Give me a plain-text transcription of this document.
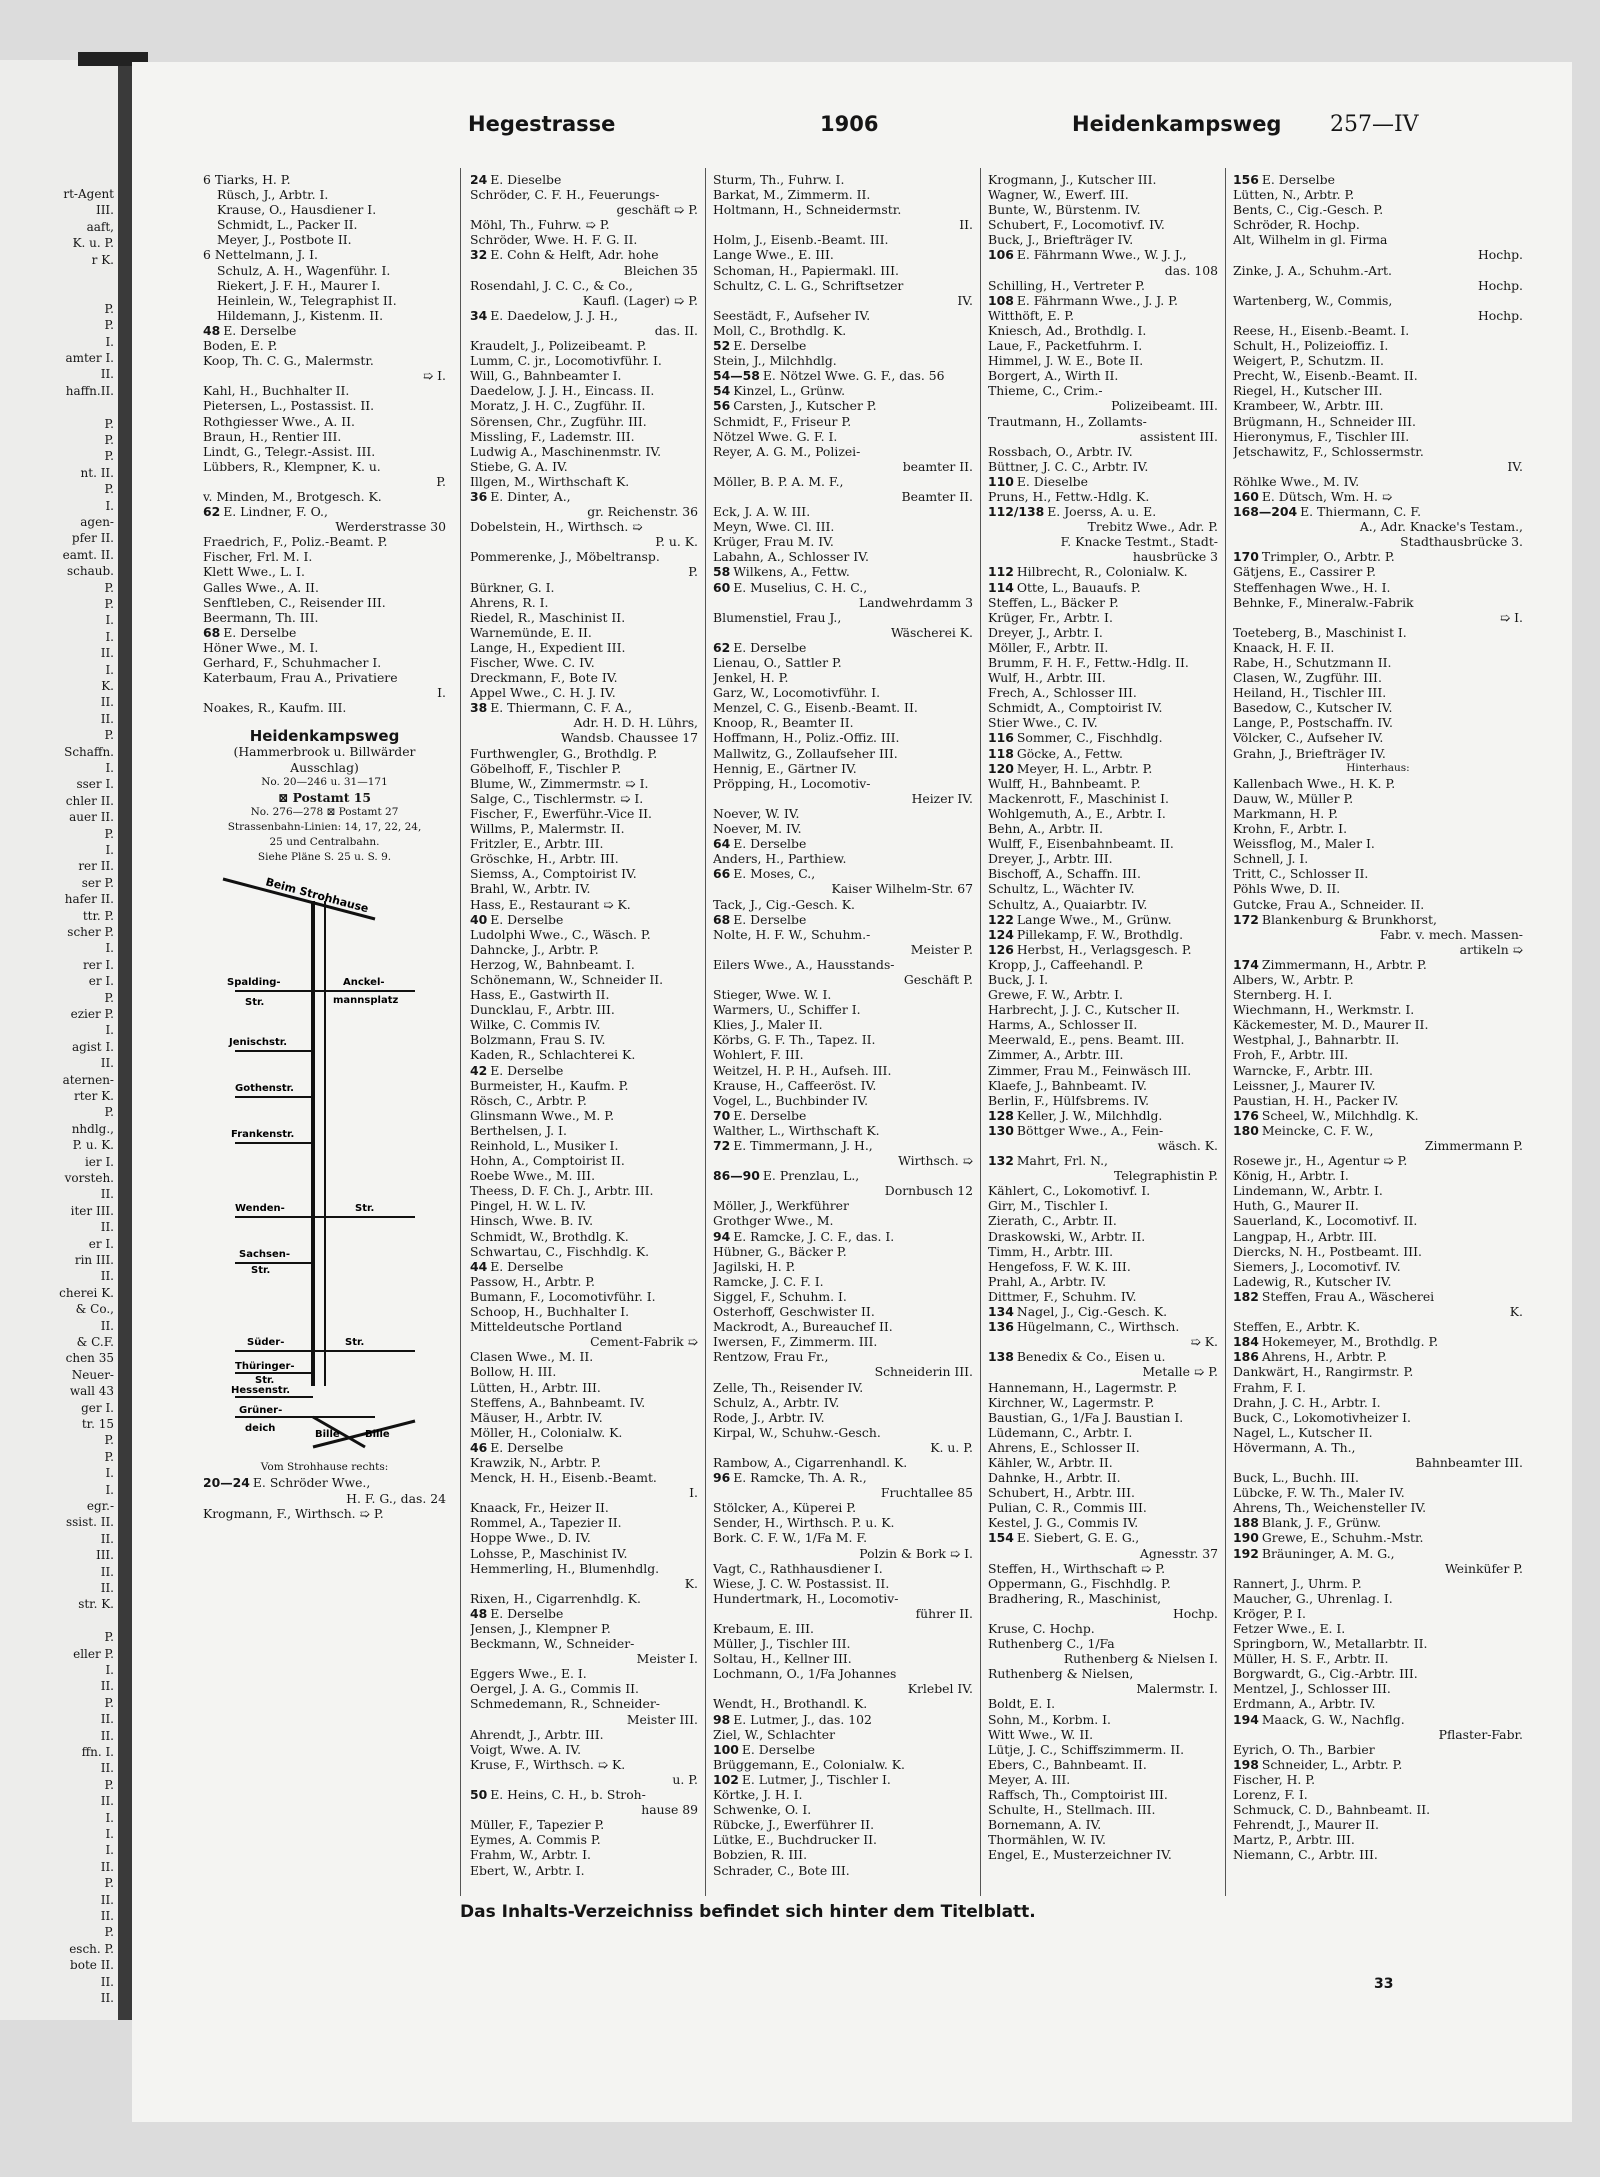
Hegestrasse	1906	Heidenkampsweg 257—IV
rt-Agent
III.
aaft,
K. u. P.
r K.
P.
P.
I.
amter I.
II.
haffn.II.
P.
P.
P.
nt. II.
P.
I.
agen-
pfer II.
eamt. II.
schaub.
P.
P.
I.
I.
II.
I.
K.
II.
II.
P.
Schaffn.
I.
sser I.
chler II.
auer II.
P.
I.
rer II.
ser P.
hafer II.
ttr. P.
scher P.
I.
rer I.
er I.
P.
ezier P.
I.
agist I.
II.
aternen-
rter K.
P.
nhdlg.,
P. u. K.
ier I.
vorsteh.
II.
iter III.
II.
er I.
rin III.
II.
cherei K.
& Co.,
II.
& C.F.
chen 35
Neuer-
wall 43
ger I.
tr. 15
P.
P.
I.
I.
egr.-
ssist. II.
II.
III.
II.
II.
str. K.
P.
eller P.
I.
II.
P.
II.
II.
ffn. I.
II.
P.
II.
I.
I.
I.
II.
P.
II.
II.
P.
esch. P.
bote II.
II.
II.
6 Tiarks, H. P.
Rüsch, J., Arbtr. I.
Krause, O., Hausdiener I.
Schmidt, L., Packer II.
Meyer, J., Postbote II.
6 Nettelmann, J. I.
Schulz, A. H., Wagenführ. I.
Riekert, J. F. H., Maurer I.
Heinlein, W., Telegraphist II.
Hildemann, J., Kistenm. II.
48 E. Derselbe
Boden, E. P.
Koop, Th. C. G., Malermstr.
➯ I.
Kahl, H., Buchhalter II.
Pietersen, L., Postassist. II.
Rothgiesser Wwe., A. II.
Braun, H., Rentier III.
Lindt, G., Telegr.-Assist. III.
Lübbers, R., Klempner, K. u.
P.
v. Minden, M., Brotgesch. K.
62 E. Lindner, F. O.,
Werderstrasse 30
Fraedrich, F., Poliz.-Beamt. P.
Fischer, Frl. M. I.
Klett Wwe., L. I.
Galles Wwe., A. II.
Senftleben, C., Reisender III.
Beermann, Th. III.
68 E. Derselbe
Höner Wwe., M. I.
Gerhard, F., Schuhmacher I.
Katerbaum, Frau A., Privatiere
I.
Noakes, R., Kaufm. III.
Heidenkampsweg
(Hammerbrook u. Billwärder
Ausschlag)
No. 20—246 u. 31—171
⊠ Postamt 15
No. 276—278 ⊠ Postamt 27
Strassenbahn-Linien: 14, 17, 22, 24,
25 und Centralbahn.
Siehe Pläne S. 25 u. S. 9.
Beim Strohhause
Spalding-
Str.
Anckel-
mannsplatz
Jenischstr.
Gothenstr.
Frankenstr.
Wenden-	Str.
Sachsen-
Str.
Süder-	Str.
Thüringer-
Str.
Hessenstr.
Grüner-
deich
Bille	Bille
Vom Strohhause rechts:
20—24 E. Schröder Wwe.,
H. F. G., das. 24
Krogmann, F., Wirthsch. ➯ P.
24 E. Dieselbe
Schröder, C. F. H., Feuerungs-
geschäft ➯ P.
Möhl, Th., Fuhrw. ➯ P.
Schröder, Wwe. H. F. G. II.
32 E. Cohn & Helft, Adr. hohe
Bleichen 35
Rosendahl, J. C. C., & Co.,
Kaufl. (Lager) ➯ P.
34 E. Daedelow, J. J. H.,
das. II.
Kraudelt, J., Polizeibeamt. P.
Lumm, C. jr., Locomotivführ. I.
Will, G., Bahnbeamter I.
Daedelow, J. J. H., Eincass. II.
Moratz, J. H. C., Zugführ. II.
Sörensen, Chr., Zugführ. III.
Missling, F., Lademstr. III.
Ludwig A., Maschinenmstr. IV.
Stiebe, G. A. IV.
Illgen, M., Wirthschaft K.
36 E. Dinter, A.,
gr. Reichenstr. 36
Dobelstein, H., Wirthsch. ➯
P. u. K.
Pommerenke, J., Möbeltransp.
P.
Bürkner, G. I.
Ahrens, R. I.
Riedel, R., Maschinist II.
Warnemünde, E. II.
Lange, H., Expedient III.
Fischer, Wwe. C. IV.
Dreckmann, F., Bote IV.
Appel Wwe., C. H. J. IV.
38 E. Thiermann, C. F. A.,
Adr. H. D. H. Lührs,
Wandsb. Chaussee 17
Furthwengler, G., Brothdlg. P.
Göbelhoff, F., Tischler P.
Blume, W., Zimmermstr. ➯ I.
Salge, C., Tischlermstr. ➯ I.
Fischer, F., Ewerführ.-Vice II.
Willms, P., Malermstr. II.
Fritzler, E., Arbtr. III.
Gröschke, H., Arbtr. III.
Siemss, A., Comptoirist IV.
Brahl, W., Arbtr. IV.
Hass, E., Restaurant ➯ K.
40 E. Derselbe
Ludolphi Wwe., C., Wäsch. P.
Dahncke, J., Arbtr. P.
Herzog, W., Bahnbeamt. I.
Schönemann, W., Schneider II.
Hass, E., Gastwirth II.
Duncklau, F., Arbtr. III.
Wilke, C. Commis IV.
Bolzmann, Frau S. IV.
Kaden, R., Schlachterei K.
42 E. Derselbe
Burmeister, H., Kaufm. P.
Rösch, C., Arbtr. P.
Glinsmann Wwe., M. P.
Berthelsen, J. I.
Reinhold, L., Musiker I.
Hohn, A., Comptoirist II.
Roebe Wwe., M. III.
Theess, D. F. Ch. J., Arbtr. III.
Pingel, H. W. L. IV.
Hinsch, Wwe. B. IV.
Schmidt, W., Brothdlg. K.
Schwartau, C., Fischhdlg. K.
44 E. Derselbe
Passow, H., Arbtr. P.
Bumann, F., Locomotivführ. I.
Schoop, H., Buchhalter I.
Mitteldeutsche Portland
Cement-Fabrik ➯
Clasen Wwe., M. II.
Bollow, H. III.
Lütten, H., Arbtr. III.
Steffens, A., Bahnbeamt. IV.
Mäuser, H., Arbtr. IV.
Möller, H., Colonialw. K.
46 E. Derselbe
Krawzik, N., Arbtr. P.
Menck, H. H., Eisenb.-Beamt.
I.
Knaack, Fr., Heizer II.
Rommel, A., Tapezier II.
Hoppe Wwe., D. IV.
Lohsse, P., Maschinist IV.
Hemmerling, H., Blumenhdlg.
K.
Rixen, H., Cigarrenhdlg. K.
48 E. Derselbe
Jensen, J., Klempner P.
Beckmann, W., Schneider-
Meister I.
Eggers Wwe., E. I.
Oergel, J. A. G., Commis II.
Schmedemann, R., Schneider-
Meister III.
Ahrendt, J., Arbtr. III.
Voigt, Wwe. A. IV.
Kruse, F., Wirthsch. ➯ K.
u. P.
50 E. Heins, C. H., b. Stroh-
hause 89
Müller, F., Tapezier P.
Eymes, A. Commis P.
Frahm, W., Arbtr. I.
Ebert, W., Arbtr. I.
Sturm, Th., Fuhrw. I.
Barkat, M., Zimmerm. II.
Holtmann, H., Schneidermstr.
II.
Holm, J., Eisenb.-Beamt. III.
Lange Wwe., E. III.
Schoman, H., Papiermakl. III.
Schultz, C. L. G., Schriftsetzer
IV.
Seestädt, F., Aufseher IV.
Moll, C., Brothdlg. K.
52 E. Derselbe
Stein, J., Milchhdlg.
54—58 E. Nötzel Wwe. G. F., das. 56
54 Kinzel, L., Grünw.
56 Carsten, J., Kutscher P.
Schmidt, F., Friseur P.
Nötzel Wwe. G. F. I.
Reyer, A. G. M., Polizei-
beamter II.
Möller, B. P. A. M. F.,
Beamter II.
Eck, J. A. W. III.
Meyn, Wwe. Cl. III.
Krüger, Frau M. IV.
Labahn, A., Schlosser IV.
58 Wilkens, A., Fettw.
60 E. Muselius, C. H. C.,
Landwehrdamm 3
Blumenstiel, Frau J.,
Wäscherei K.
62 E. Derselbe
Lienau, O., Sattler P.
Jenkel, H. P.
Garz, W., Locomotivführ. I.
Menzel, C. G., Eisenb.-Beamt. II.
Knoop, R., Beamter II.
Hoffmann, H., Poliz.-Offiz. III.
Mallwitz, G., Zollaufseher III.
Hennig, E., Gärtner IV.
Pröpping, H., Locomotiv-
Heizer IV.
Noever, W. IV.
Noever, M. IV.
64 E. Derselbe
Anders, H., Parthiew.
66 E. Moses, C.,
Kaiser Wilhelm-Str. 67
Tack, J., Cig.-Gesch. K.
68 E. Derselbe
Nolte, H. F. W., Schuhm.-
Meister P.
Eilers Wwe., A., Hausstands-
Geschäft P.
Stieger, Wwe. W. I.
Warmers, U., Schiffer I.
Klies, J., Maler II.
Körbs, G. F. Th., Tapez. II.
Wohlert, F. III.
Weitzel, H. P. H., Aufseh. III.
Krause, H., Caffeeröst. IV.
Vogel, L., Buchbinder IV.
70 E. Derselbe
Walther, L., Wirthschaft K.
72 E. Timmermann, J. H.,
Wirthsch. ➯
86—90 E. Prenzlau, L.,
Dornbusch 12
Möller, J., Werkführer
Grothger Wwe., M.
94 E. Ramcke, J. C. F., das. I.
Hübner, G., Bäcker P.
Jagilski, H. P.
Ramcke, J. C. F. I.
Siggel, F., Schuhm. I.
Osterhoff, Geschwister II.
Mackrodt, A., Bureauchef II.
Iwersen, F., Zimmerm. III.
Rentzow, Frau Fr.,
Schneiderin III.
Zelle, Th., Reisender IV.
Schulz, A., Arbtr. IV.
Rode, J., Arbtr. IV.
Kirpal, W., Schuhw.-Gesch.
K. u. P.
Rambow, A., Cigarrenhandl. K.
96 E. Ramcke, Th. A. R.,
Fruchtallee 85
Stölcker, A., Küperei P.
Sender, H., Wirthsch. P. u. K.
Bork. C. F. W., 1/Fa M. F.
Polzin & Bork ➯ I.
Vagt, C., Rathhausdiener I.
Wiese, J. C. W. Postassist. II.
Hundertmark, H., Locomotiv-
führer II.
Krebaum, E. III.
Müller, J., Tischler III.
Soltau, H., Kellner III.
Lochmann, O., 1/Fa Johannes
Krlebel IV.
Wendt, H., Brothandl. K.
98 E. Lutmer, J., das. 102
Ziel, W., Schlachter
100 E. Derselbe
Brüggemann, E., Colonialw. K.
102 E. Lutmer, J., Tischler I.
Körtke, J. H. I.
Schwenke, O. I.
Rübcke, J., Ewerführer II.
Lütke, E., Buchdrucker II.
Bobzien, R. III.
Schrader, C., Bote III.
Krogmann, J., Kutscher III.
Wagner, W., Ewerf. III.
Bunte, W., Bürstenm. IV.
Schubert, F., Locomotivf. IV.
Buck, J., Briefträger IV.
106 E. Fährmann Wwe., W. J. J.,
das. 108
Schilling, H., Vertreter P.
108 E. Fährmann Wwe., J. J. P.
Witthöft, E. P.
Kniesch, Ad., Brothdlg. I.
Laue, F., Packetfuhrm. I.
Himmel, J. W. E., Bote II.
Borgert, A., Wirth II.
Thieme, C., Crim.-
Polizeibeamt. III.
Trautmann, H., Zollamts-
assistent III.
Rossbach, O., Arbtr. IV.
Büttner, J. C. C., Arbtr. IV.
110 E. Dieselbe
Pruns, H., Fettw.-Hdlg. K.
112/138 E. Joerss, A. u. E.
Trebitz Wwe., Adr. P.
F. Knacke Testmt., Stadt-
hausbrücke 3
112 Hilbrecht, R., Colonialw. K.
114 Otte, L., Bauaufs. P.
Steffen, L., Bäcker P.
Krüger, Fr., Arbtr. I.
Dreyer, J., Arbtr. I.
Möller, F., Arbtr. II.
Brumm, F. H. F., Fettw.-Hdlg. II.
Wulf, H., Arbtr. III.
Frech, A., Schlosser III.
Schmidt, A., Comptoirist IV.
Stier Wwe., C. IV.
116 Sommer, C., Fischhdlg.
118 Göcke, A., Fettw.
120 Meyer, H. L., Arbtr. P.
Wulff, H., Bahnbeamt. P.
Mackenrott, F., Maschinist I.
Wohlgemuth, A., E., Arbtr. I.
Behn, A., Arbtr. II.
Wulff, F., Eisenbahnbeamt. II.
Dreyer, J., Arbtr. III.
Bischoff, A., Schaffn. III.
Schultz, L., Wächter IV.
Schultz, A., Quaiarbtr. IV.
122 Lange Wwe., M., Grünw.
124 Pillekamp, F. W., Brothdlg.
126 Herbst, H., Verlagsgesch. P.
Kropp, J., Caffeehandl. P.
Buck, J. I.
Grewe, F. W., Arbtr. I.
Harbrecht, J. J. C., Kutscher II.
Harms, A., Schlosser II.
Meerwald, E., pens. Beamt. III.
Zimmer, A., Arbtr. III.
Zimmer, Frau M., Feinwäsch III.
Klaefe, J., Bahnbeamt. IV.
Berlin, F., Hülfsbrems. IV.
128 Keller, J. W., Milchhdlg.
130 Böttger Wwe., A., Fein-
wäsch. K.
132 Mahrt, Frl. N.,
Telegraphistin P.
Kählert, C., Lokomotivf. I.
Girr, M., Tischler I.
Zierath, C., Arbtr. II.
Draskowski, W., Arbtr. II.
Timm, H., Arbtr. III.
Hengefoss, F. W. K. III.
Prahl, A., Arbtr. IV.
Dittmer, F., Schuhm. IV.
134 Nagel, J., Cig.-Gesch. K.
136 Hügelmann, C., Wirthsch.
➯ K.
138 Benedix & Co., Eisen u.
Metalle ➯ P.
Hannemann, H., Lagermstr. P.
Kirchner, W., Lagermstr. P.
Baustian, G., 1/Fa J. Baustian I.
Lüdemann, C., Arbtr. I.
Ahrens, E., Schlosser II.
Kähler, W., Arbtr. II.
Dahnke, H., Arbtr. II.
Schubert, H., Arbtr. III.
Pulian, C. R., Commis III.
Kestel, J. G., Commis IV.
154 E. Siebert, G. E. G.,
Agnesstr. 37
Steffen, H., Wirthschaft ➯ P.
Oppermann, G., Fischhdlg. P.
Bradhering, R., Maschinist,
Hochp.
Kruse, C. Hochp.
Ruthenberg C., 1/Fa
Ruthenberg & Nielsen I.
Ruthenberg & Nielsen,
Malermstr. I.
Boldt, E. I.
Sohn, M., Korbm. I.
Witt Wwe., W. II.
Lütje, J. C., Schiffszimmerm. II.
Ebers, C., Bahnbeamt. II.
Meyer, A. III.
Raffsch, Th., Comptoirist III.
Schulte, H., Stellmach. III.
Bornemann, A. IV.
Thormählen, W. IV.
Engel, E., Musterzeichner IV.
156 E. Derselbe
Lütten, N., Arbtr. P.
Bents, C., Cig.-Gesch. P.
Schröder, R. Hochp.
Alt, Wilhelm in gl. Firma
Hochp.
Zinke, J. A., Schuhm.-Art.
Hochp.
Wartenberg, W., Commis,
Hochp.
Reese, H., Eisenb.-Beamt. I.
Schult, H., Polizeioffiz. I.
Weigert, P., Schutzm. II.
Precht, W., Eisenb.-Beamt. II.
Riegel, H., Kutscher III.
Krambeer, W., Arbtr. III.
Brügmann, H., Schneider III.
Hieronymus, F., Tischler III.
Jetschawitz, F., Schlossermstr.
IV.
Röhlke Wwe., M. IV.
160 E. Dütsch, Wm. H. ➯
168—204 E. Thiermann, C. F.
A., Adr. Knacke's Testam.,
Stadthausbrücke 3.
170 Trimpler, O., Arbtr. P.
Gätjens, E., Cassirer P.
Steffenhagen Wwe., H. I.
Behnke, F., Mineralw.-Fabrik
➯ I.
Toeteberg, B., Maschinist I.
Knaack, H. F. II.
Rabe, H., Schutzmann II.
Clasen, W., Zugführ. III.
Heiland, H., Tischler III.
Basedow, C., Kutscher IV.
Lange, P., Postschaffn. IV.
Völcker, C., Aufseher IV.
Grahn, J., Briefträger IV.
Hinterhaus:
Kallenbach Wwe., H. K. P.
Dauw, W., Müller P.
Markmann, H. P.
Krohn, F., Arbtr. I.
Weissflog, M., Maler I.
Schnell, J. I.
Tritt, C., Schlosser II.
Pöhls Wwe, D. II.
Gutcke, Frau A., Schneider. II.
172 Blankenburg & Brunkhorst,
Fabr. v. mech. Massen-
artikeln ➯
174 Zimmermann, H., Arbtr. P.
Albers, W., Arbtr. P.
Sternberg. H. I.
Wiechmann, H., Werkmstr. I.
Käckemester, M. D., Maurer II.
Westphal, J., Bahnarbtr. II.
Froh, F., Arbtr. III.
Warncke, F., Arbtr. III.
Leissner, J., Maurer IV.
Paustian, H. H., Packer IV.
176 Scheel, W., Milchhdlg. K.
180 Meincke, C. F. W.,
Zimmermann P.
Rosewe jr., H., Agentur ➯ P.
König, H., Arbtr. I.
Lindemann, W., Arbtr. I.
Huth, G., Maurer II.
Sauerland, K., Locomotivf. II.
Langpap, H., Arbtr. III.
Diercks, N. H., Postbeamt. III.
Siemers, J., Locomotivf. IV.
Ladewig, R., Kutscher IV.
182 Steffen, Frau A., Wäscherei
K.
Steffen, E., Arbtr. K.
184 Hokemeyer, M., Brothdlg. P.
186 Ahrens, H., Arbtr. P.
Dankwärt, H., Rangirmstr. P.
Frahm, F. I.
Drahn, J. C. H., Arbtr. I.
Buck, C., Lokomotivheizer I.
Nagel, L., Kutscher II.
Hövermann, A. Th.,
Bahnbeamter III.
Buck, L., Buchh. III.
Lübcke, F. W. Th., Maler IV.
Ahrens, Th., Weichensteller IV.
188 Blank, J. F., Grünw.
190 Grewe, E., Schuhm.-Mstr.
192 Bräuninger, A. M. G.,
Weinküfer P.
Rannert, J., Uhrm. P.
Maucher, G., Uhrenlag. I.
Kröger, P. I.
Fetzer Wwe., E. I.
Springborn, W., Metallarbtr. II.
Müller, H. S. F., Arbtr. II.
Borgwardt, G., Cig.-Arbtr. III.
Mentzel, J., Schlosser III.
Erdmann, A., Arbtr. IV.
194 Maack, G. W., Nachflg.
Pflaster-Fabr.
Eyrich, O. Th., Barbier
198 Schneider, L., Arbtr. P.
Fischer, H. P.
Lorenz, F. I.
Schmuck, C. D., Bahnbeamt. II.
Fehrendt, J., Maurer II.
Martz, P., Arbtr. III.
Niemann, C., Arbtr. III.
Das Inhalts-Verzeichniss befindet sich hinter dem Titelblatt.
33
